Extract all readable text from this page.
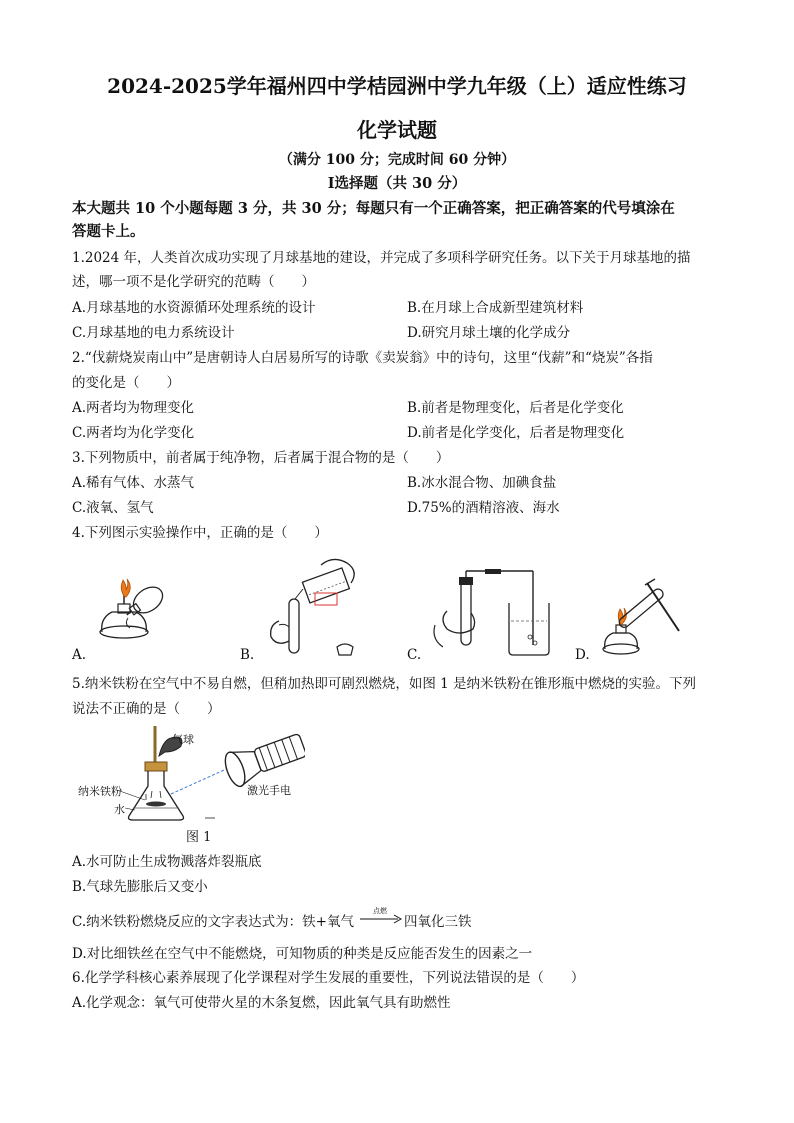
2024-2025学年福州四中学桔园洲中学九年级（上）适应性练习
化学试题
（满分 100 分；完成时间 60 分钟）
Ⅰ选择题（共 30 分）
本大题共 10 个小题每题 3 分，共 30 分；每题只有一个正确答案，把正确答案的代号填涂在
答题卡上。
1.2024 年，人类首次成功实现了月球基地的建设，并完成了多项科学研究任务。以下关于月球基地的描
述，哪一项不是化学研究的范畴（　　）
A.月球基地的水资源循环处理系统的设计	B.在月球上合成新型建筑材料
C.月球基地的电力系统设计	D.研究月球土壤的化学成分
2.“伐薪烧炭南山中”是唐朝诗人白居易所写的诗歌《卖炭翁》中的诗句，这里“伐薪”和“烧炭”各指
的变化是（　　）
A.两者均为物理变化	B.前者是物理变化，后者是化学变化
C.两者均为化学变化	D.前者是化学变化，后者是物理变化
3.下列物质中，前者属于纯净物，后者属于混合物的是（　　）
A.稀有气体、水蒸气	B.冰水混合物、加碘食盐
C.液氧、氢气	D.75%的酒精溶液、海水
4.下列图示实验操作中，正确的是（　　）
A.	B.	C.	D.
5.纳米铁粉在空气中不易自燃，但稍加热即可剧烈燃烧，如图 1 是纳米铁粉在锥形瓶中燃烧的实验。下列
说法不正确的是（　　）
气球
纳米铁粉
水
激光手电
图 1
A.水可防止生成物溅落炸裂瓶底
B.气球先膨胀后又变小
C.纳米铁粉燃烧反应的文字表达式为：铁+氧气
点燃
→ 四氧化三铁
D.对比细铁丝在空气中不能燃烧，可知物质的种类是反应能否发生的因素之一
6.化学学科核心素养展现了化学课程对学生发展的重要性，下列说法错误的是（　　）
A.化学观念：氧气可使带火星的木条复燃，因此氧气具有助燃性
